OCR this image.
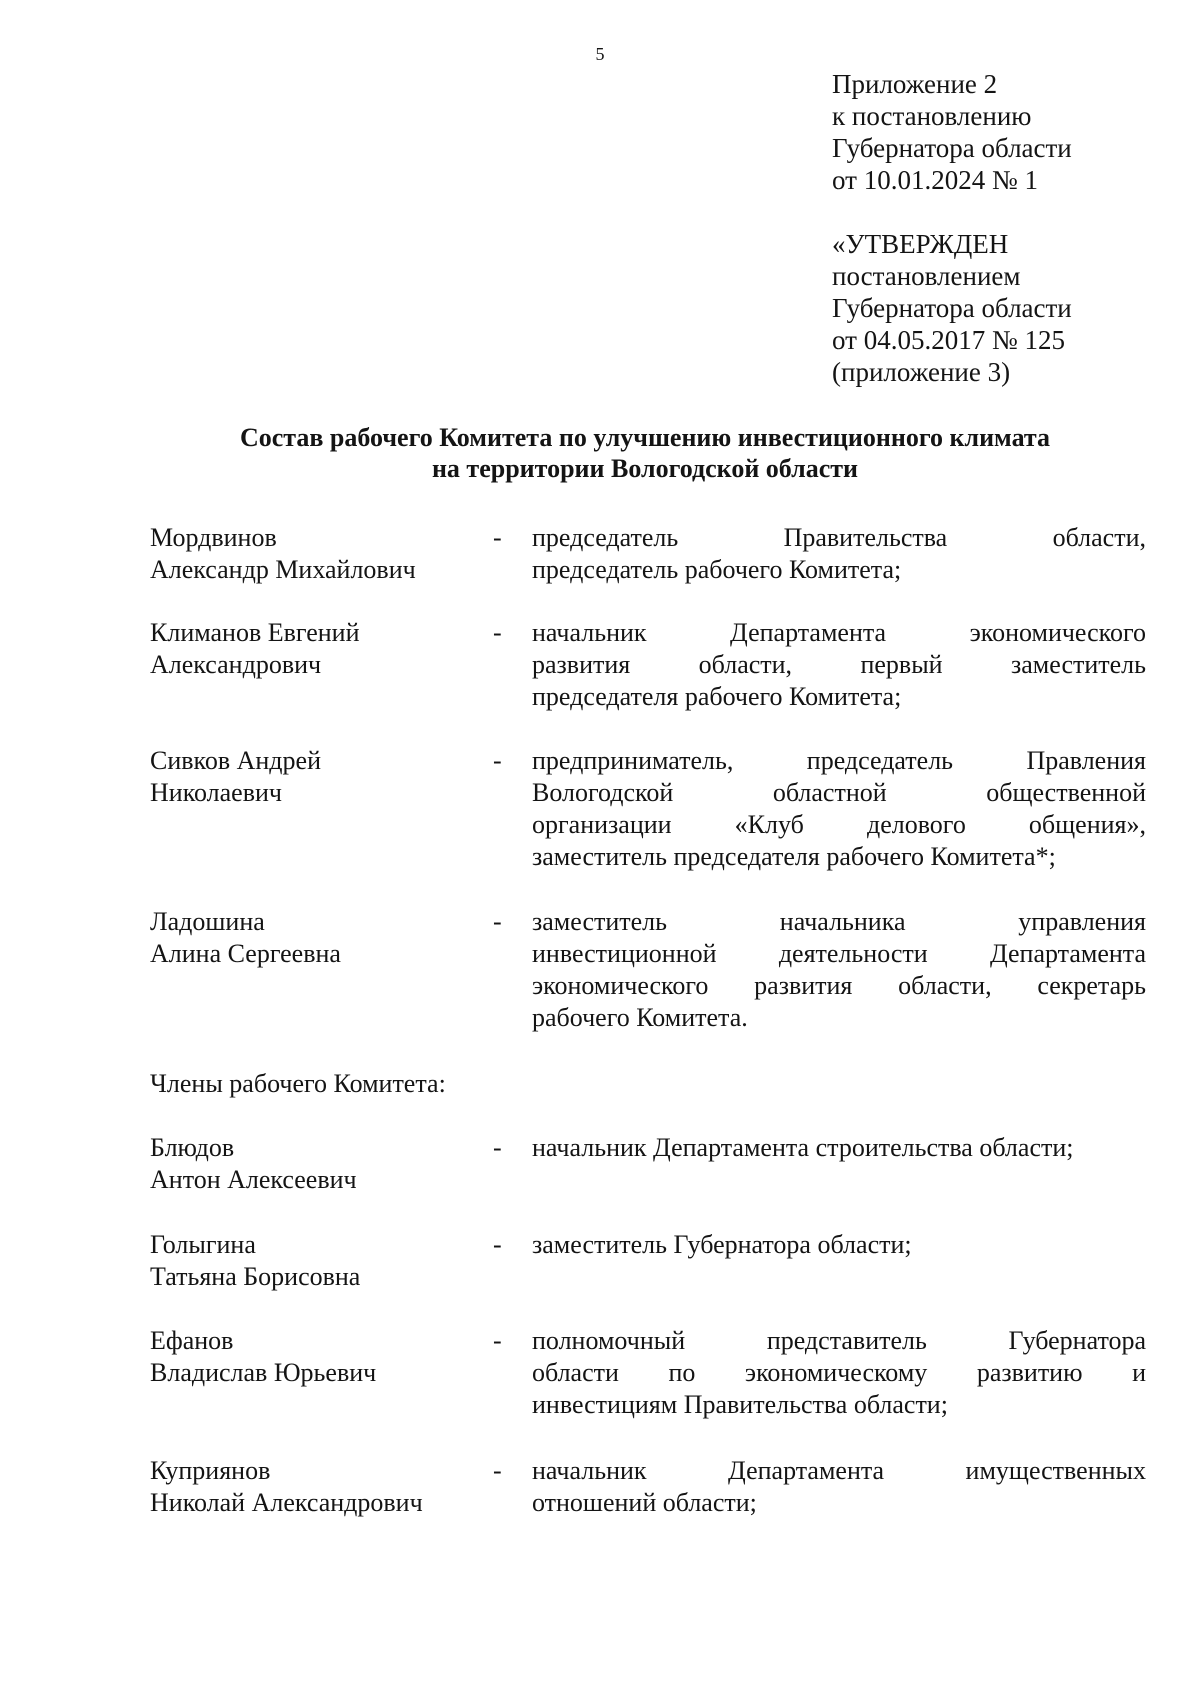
5
Приложение 2
к постановлению
Губернатора области
от 10.01.2024 № 1
«УТВЕРЖДЕН
постановлением
Губернатора области
от 04.05.2017 № 125
(приложение 3)
Состав рабочего Комитета по улучшению инвестиционного климата
на территории Вологодской области
Мордвинов
Александр Михайлович
- председатель Правительства области,
председатель рабочего Комитета;
Климанов Евгений
Александрович
- начальник Департамента экономического
развития области, первый заместитель
председателя рабочего Комитета;
Сивков Андрей
Николаевич
- предприниматель, председатель Правления
Вологодской областной общественной
организации «Клуб делового общения»,
заместитель председателя рабочего Комитета*;
Ладошина
Алина Сергеевна
- заместитель начальника управления
инвестиционной деятельности Департамента
экономического развития области, секретарь
рабочего Комитета.
Члены рабочего Комитета:
Блюдов
Антон Алексеевич
- начальник Департамента строительства области;
Голыгина
Татьяна Борисовна
- заместитель Губернатора области;
Ефанов
Владислав Юрьевич
- полномочный представитель Губернатора
области по экономическому развитию и
инвестициям Правительства области;
Куприянов
Николай Александрович
- начальник Департамента имущественных
отношений области;
